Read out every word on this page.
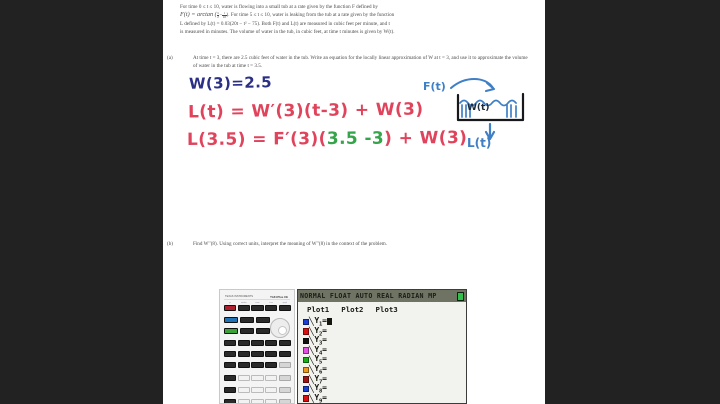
For time 0 ≤ t ≤ 10, water is flowing into a small tub at a rate given by the function F defined by
F(t) = arctan ( $\frac{\pi}{2} - \frac{t}{10}$ ). For time 5 ≤ t ≤ 10, water is leaking from the tub at a rate given by the function
L defined by L(t) = 0.03(20t − t² − 75). Both F(t) and L(t) are measured in cubic feet per minute, and t
is measured in minutes. The volume of water in the tub, in cubic feet, at time t minutes is given by W(t).
(a)	At time t = 3, there are 2.5 cubic feet of water in the tub. Write an equation for the locally linear approximation of W at t = 3, and use it to approximate the volume of water in the tub at time t = 3.5.
W(3)=2.5
L(t) = W′(3)(t-3) + W(3)
L(3.5) = F′(3)(3.5 -3) + W(3)
F(t)
W(t)
L(t)
(b)	Find W′′(8). Using correct units, interpret the meaning of W′′(8) in the context of the problem.
TEXAS INSTRUMENTS	TI-84 Plus CE
y=	window	zoom	trace	graph
NORMAL FLOAT AUTO REAL RADIAN MP
Plot1 Plot2 Plot3
╲ $Y_1=$
╲ $Y_2=$
╲ $Y_3=$
╲ $Y_4=$
╲ $Y_5=$
╲ $Y_6=$
╲ $Y_7=$
╲ $Y_8=$
╲ $Y_9=$
